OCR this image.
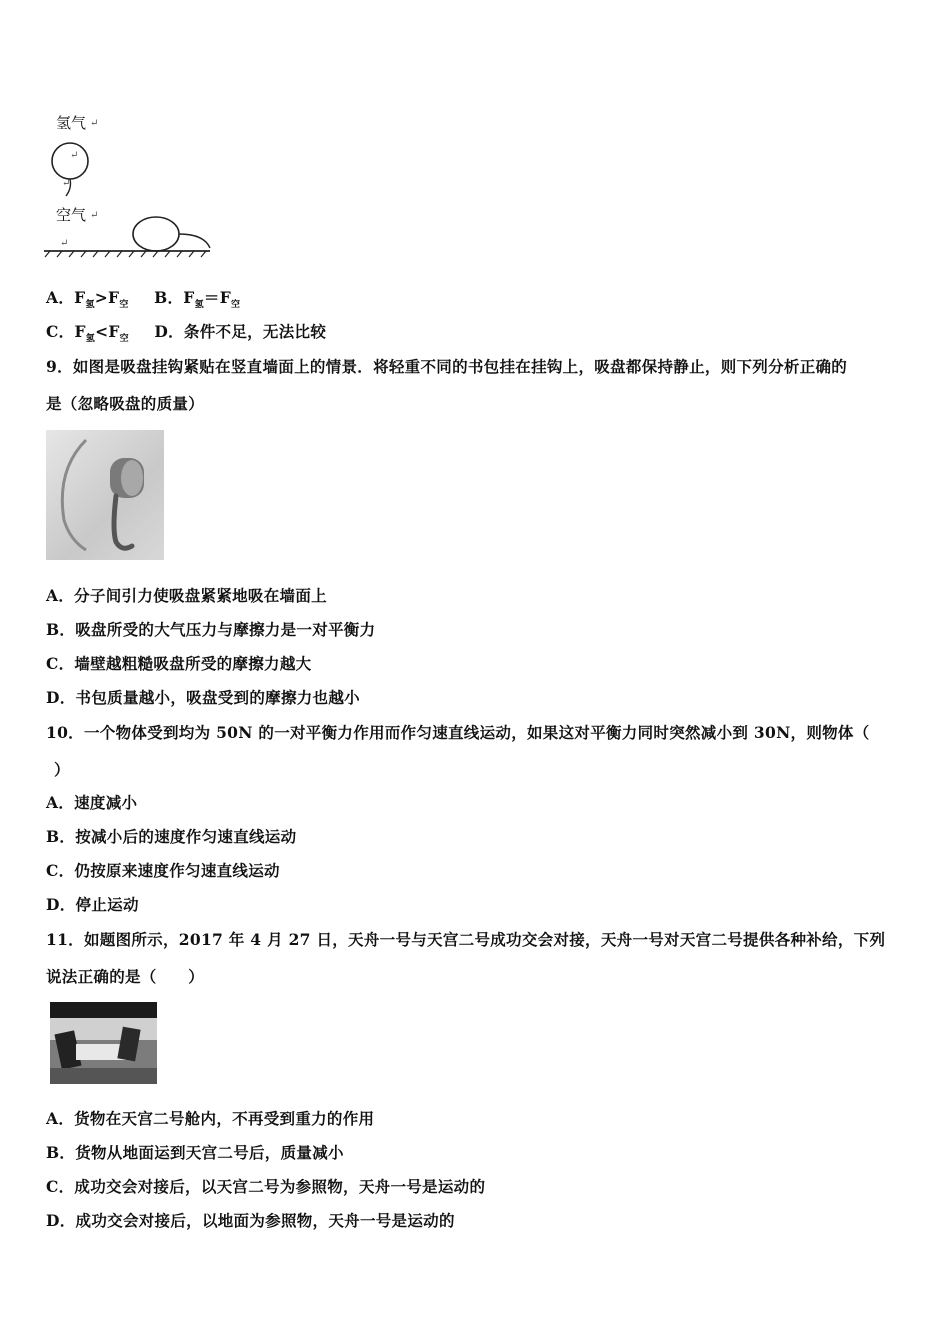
氢气 ↵
↵
↵
空气 ↵
↵
A．$F_氢>F_空$ B．$F_氢=F_空$
C．$F_氢<F_空$ D．条件不足，无法比较
9．如图是吸盘挂钩紧贴在竖直墙面上的情景．将轻重不同的书包挂在挂钩上，吸盘都保持静止，则下列分析正确的
是（忽略吸盘的质量）
A．分子间引力使吸盘紧紧地吸在墙面上
B．吸盘所受的大气压力与摩擦力是一对平衡力
C．墙壁越粗糙吸盘所受的摩擦力越大
D．书包质量越小，吸盘受到的摩擦力也越小
10．一个物体受到均为 50N 的一对平衡力作用而作匀速直线运动，如果这对平衡力同时突然减小到 30N，则物体（
）
A．速度减小
B．按减小后的速度作匀速直线运动
C．仍按原来速度作匀速直线运动
D．停止运动
11．如题图所示，2017 年 4 月 27 日，天舟一号与天宫二号成功交会对接，天舟一号对天宫二号提供各种补给，下列
说法正确的是（　　）
A．货物在天宫二号舱内，不再受到重力的作用
B．货物从地面运到天宫二号后，质量减小
C．成功交会对接后，以天宫二号为参照物，天舟一号是运动的
D．成功交会对接后，以地面为参照物，天舟一号是运动的
